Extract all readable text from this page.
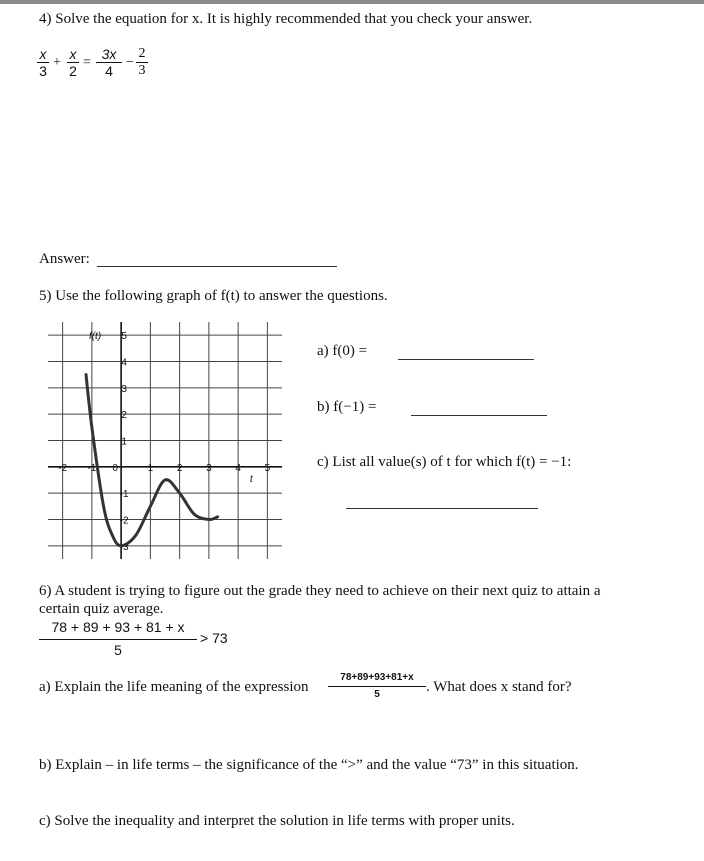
4) Solve the equation for x. It is highly recommended that you check your answer.
$\frac{x}{3} + \frac{x}{2} = \frac{3x}{4} - \frac{2}{3}$
Answer:
5) Use the following graph of f(t) to answer the questions.
-2 -1 0	1 2 3 4 5
5
4
3
2
1
-1
-2
-3
f(t)
t
a) f(0) =
b) f(−1) =
c) List all value(s) of t for which f(t) = −1:
6) A student is trying to figure out the grade they need to achieve on their next quiz to attain a
certain quiz average.
78 + 89 + 93 + 81 + x
5
> 73
a) Explain the life meaning of the expression
78+89+93+81+x
5	. What does x stand for?
b) Explain – in life terms – the significance of the “>” and the value “73” in this situation.
c) Solve the inequality and interpret the solution in life terms with proper units.
